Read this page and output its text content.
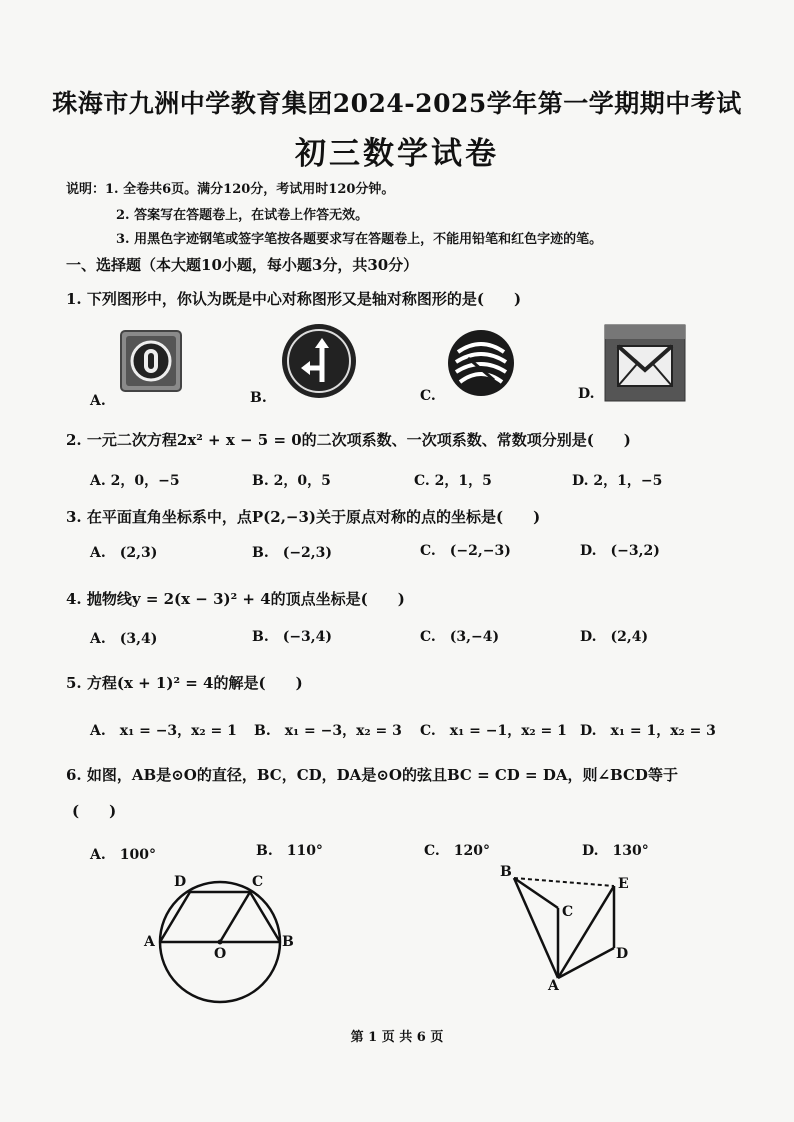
珠海市九洲中学教育集团2024-2025学年第一学期期中考试
初三数学试卷
说明：1. 全卷共6页。满分120分，考试用时120分钟。
2. 答案写在答题卷上，在试卷上作答无效。
3. 用黑色字迹钢笔或签字笔按各题要求写在答题卷上，不能用铅笔和红色字迹的笔。
一、选择题（本大题10小题，每小题3分，共30分）
1. 下列图形中，你认为既是中心对称图形又是轴对称图形的是(　　)
A.	B.	C.	D.
2. 一元二次方程2x² + x − 5 = 0的二次项系数、一次项系数、常数项分别是(　　)
A. 2，0，−5	B. 2，0，5	C. 2，1，5	D. 2，1，−5
3. 在平面直角坐标系中，点P(2,−3)关于原点对称的点的坐标是(　　)
A.　(2,3)	B.　(−2,3)	C.　(−2,−3)	D.　(−3,2)
4. 抛物线y = 2(x − 3)² + 4的顶点坐标是(　　)
A.　(3,4)	B.　(−3,4)	C.　(3,−4)	D.　(2,4)
5. 方程(x + 1)² = 4的解是(　　)
A.　x₁ = −3，x₂ = 1 B.　x₁ = −3，x₂ = 3 C.　x₁ = −1，x₂ = 1 D.　x₁ = 1，x₂ = 3
6. 如图，AB是⊙O的直径，BC，CD，DA是⊙O的弦且BC = CD = DA，则∠BCD等于
(　　)
A.　100°	B.　110°	C.　120°	D.　130°
D	C
A
O
B
B
E
C
D
A
第 1 页 共 6 页
